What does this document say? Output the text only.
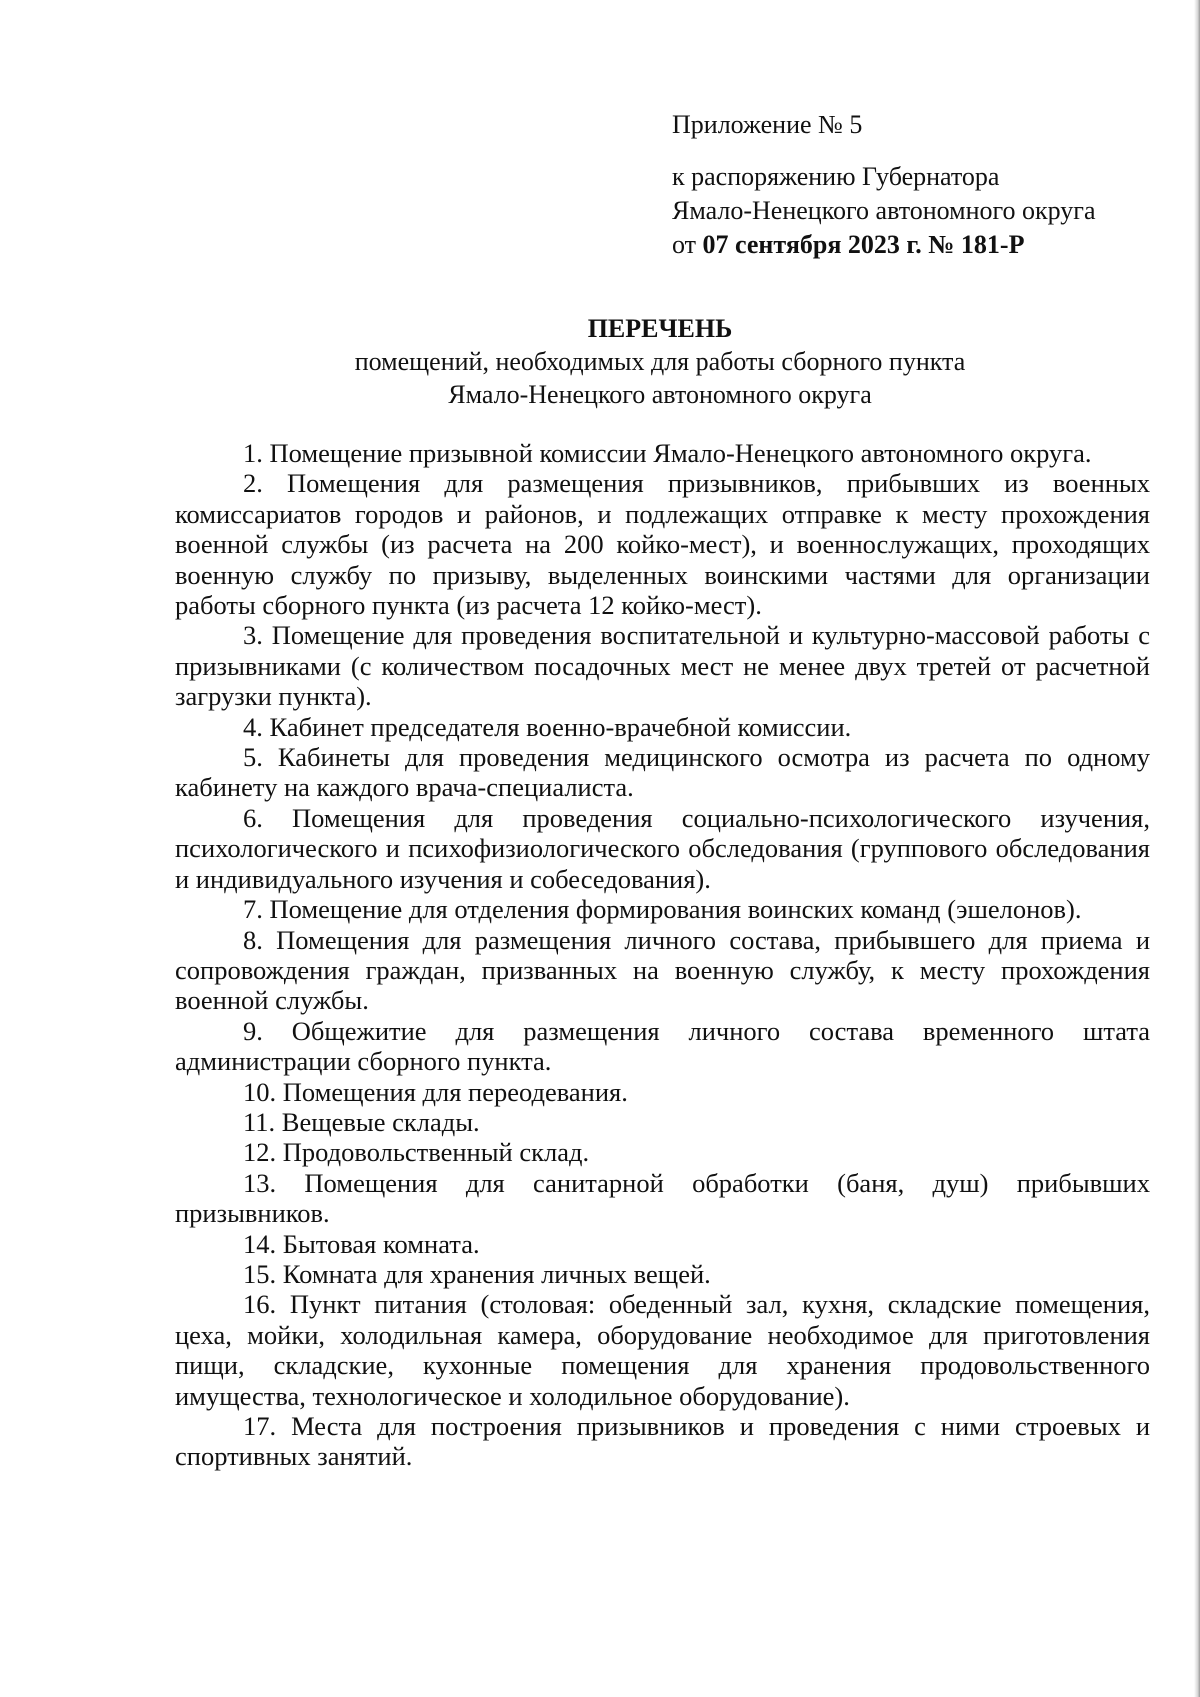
Приложение № 5
к распоряжению Губернатора
Ямало-Ненецкого автономного округа
от 07 сентября 2023 г. № 181-Р
ПЕРЕЧЕНЬ
помещений, необходимых для работы сборного пункта
Ямало-Ненецкого автономного округа

1. Помещение призывной комиссии Ямало-Ненецкого автономного округа.

2. Помещения для размещения призывников, прибывших из военных комиссариатов городов и районов, и подлежащих отправке к месту прохождения военной службы (из расчета на 200 койко-мест), и военнослужащих, проходящих военную службу по призыву, выделенных воинскими частями для организации работы сборного пункта (из расчета 12 койко-мест).

3. Помещение для проведения воспитательной и культурно-массовой работы с призывниками (с количеством посадочных мест не менее двух третей от расчетной загрузки пункта).

4. Кабинет председателя военно-врачебной комиссии.

5. Кабинеты для проведения медицинского осмотра из расчета по одному кабинету на каждого врача-специалиста.

6. Помещения для проведения социально-психологического изучения, психологического и психофизиологического обследования (группового обследования и индивидуального изучения и собеседования).

7. Помещение для отделения формирования воинских команд (эшелонов).

8. Помещения для размещения личного состава, прибывшего для приема и сопровождения граждан, призванных на военную службу, к месту прохождения военной службы.

9. Общежитие для размещения личного состава временного штата администрации сборного пункта.

10. Помещения для переодевания.

11. Вещевые склады.

12. Продовольственный склад.

13. Помещения для санитарной обработки (баня, душ) прибывших призывников.

14. Бытовая комната.

15. Комната для хранения личных вещей.

16. Пункт питания (столовая: обеденный зал, кухня, складские помещения, цеха, мойки, холодильная камера, оборудование необходимое для приготовления пищи, складские, кухонные помещения для хранения продовольственного имущества, технологическое и холодильное оборудование).

17. Места для построения призывников и проведения с ними строевых и спортивных занятий.
